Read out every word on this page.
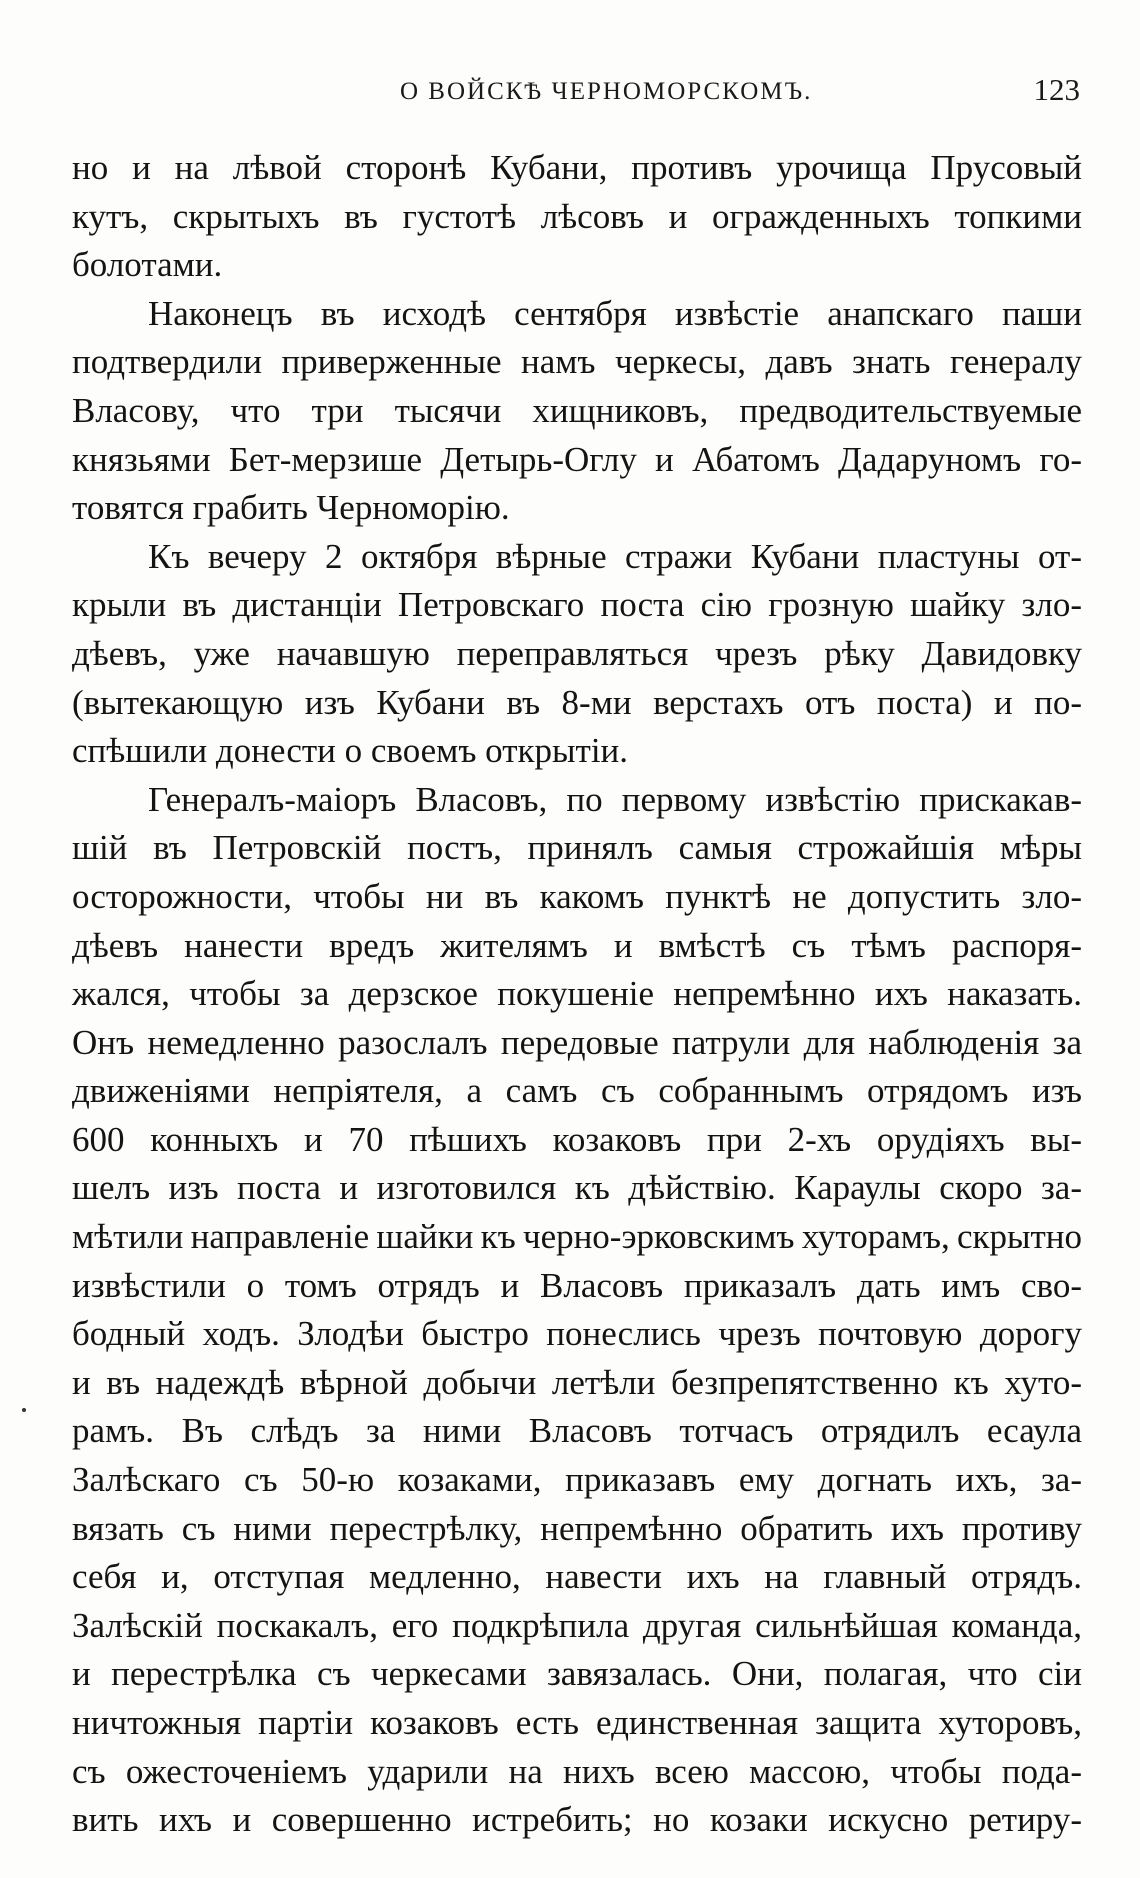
О ВОЙСКѢ ЧЕРНОМОРСКОМЪ.	123
но и на лѣвой сторонѣ Кубани, противъ урочища Прусовый
кутъ, скрытыхъ въ густотѣ лѣсовъ и огражденныхъ топкими
болотами.
Наконецъ въ исходѣ сентября извѣстіе анапскаго паши
подтвердили приверженные намъ черкесы, давъ знать генералу
Власову, что три тысячи хищниковъ, предводительствуемые
князьями Бет-мерзише Детырь-Оглу и Абатомъ Дадаруномъ го-
товятся грабить Черноморію.
Къ вечеру 2 октября вѣрные стражи Кубани пластуны от-
крыли въ дистанціи Петровскаго поста сію грозную шайку зло-
дѣевъ, уже начавшую переправляться чрезъ рѣку Давидовку
(вытекающую изъ Кубани въ 8-ми верстахъ отъ поста) и по-
спѣшили донести о своемъ открытіи.
Генералъ-маіоръ Власовъ, по первому извѣстію прискакав-
шій въ Петровскій постъ, принялъ самыя строжайшія мѣры
осторожности, чтобы ни въ какомъ пунктѣ не допустить зло-
дѣевъ нанести вредъ жителямъ и вмѣстѣ съ тѣмъ распоря-
жался, чтобы за дерзское покушеніе непремѣнно ихъ наказать.
Онъ немедленно разослалъ передовые патрули для наблюденія за
движеніями непріятеля, а самъ съ собраннымъ отрядомъ изъ
600 конныхъ и 70 пѣшихъ козаковъ при 2-хъ орудіяхъ вы-
шелъ изъ поста и изготовился къ дѣйствію. Караулы скоро за-
мѣтили направленіе шайки къ черно-эрковскимъ хуторамъ, скрытно
извѣстили о томъ отрядъ и Власовъ приказалъ дать имъ сво-
бодный ходъ. Злодѣи быстро понеслись чрезъ почтовую дорогу
и въ надеждѣ вѣрной добычи летѣли безпрепятственно къ хуто-
рамъ. Въ слѣдъ за ними Власовъ тотчасъ отрядилъ есаула
Залѣскаго съ 50-ю козаками, приказавъ ему догнать ихъ, за-
вязать съ ними перестрѣлку, непремѣнно обратить ихъ противу
себя и, отступая медленно, навести ихъ на главный отрядъ.
Залѣскій поскакалъ, его подкрѣпила другая сильнѣйшая команда,
и перестрѣлка съ черкесами завязалась. Они, полагая, что сіи
ничтожныя партіи козаковъ есть единственная защита хуторовъ,
съ ожесточеніемъ ударили на нихъ всею массою, чтобы пода-
вить ихъ и совершенно истребить; но козаки искусно ретиру-
